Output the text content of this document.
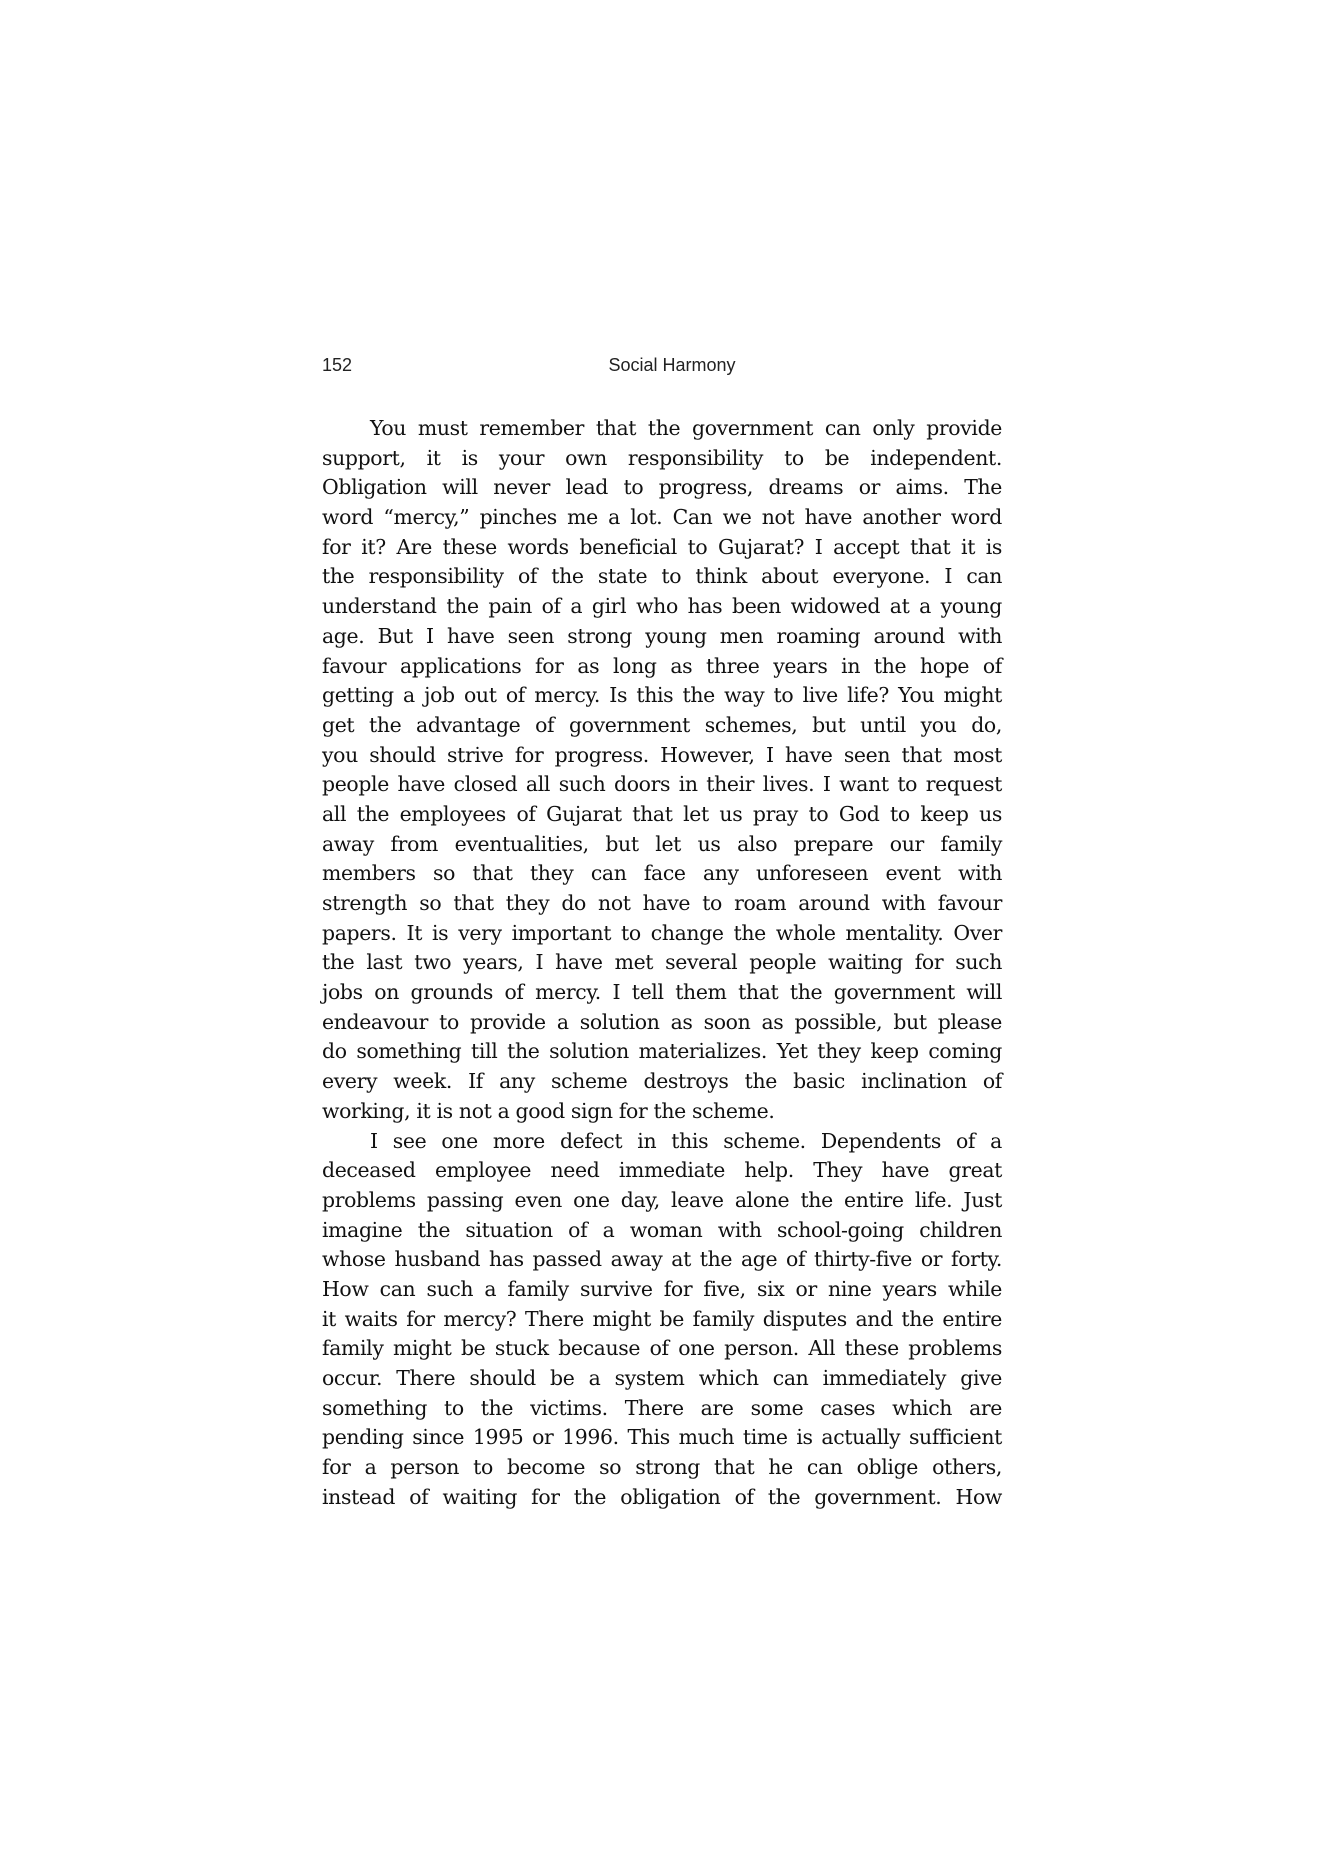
152	Social Harmony
You must remember that the government can only provide
support, it is your own responsibility to be independent.
Obligation will never lead to progress, dreams or aims. The
word “mercy,” pinches me a lot. Can we not have another word
for it? Are these words beneficial to Gujarat? I accept that it is
the responsibility of the state to think about everyone. I can
understand the pain of a girl who has been widowed at a young
age. But I have seen strong young men roaming around with
favour applications for as long as three years in the hope of
getting a job out of mercy. Is this the way to live life? You might
get the advantage of government schemes, but until you do,
you should strive for progress. However, I have seen that most
people have closed all such doors in their lives. I want to request
all the employees of Gujarat that let us pray to God to keep us
away from eventualities, but let us also prepare our family
members so that they can face any unforeseen event with
strength so that they do not have to roam around with favour
papers. It is very important to change the whole mentality. Over
the last two years, I have met several people waiting for such
jobs on grounds of mercy. I tell them that the government will
endeavour to provide a solution as soon as possible, but please
do something till the solution materializes. Yet they keep coming
every week. If any scheme destroys the basic inclination of
working, it is not a good sign for the scheme.
I see one more defect in this scheme. Dependents of a
deceased employee need immediate help. They have great
problems passing even one day, leave alone the entire life. Just
imagine the situation of a woman with school-going children
whose husband has passed away at the age of thirty-five or forty.
How can such a family survive for five, six or nine years while
it waits for mercy? There might be family disputes and the entire
family might be stuck because of one person. All these problems
occur. There should be a system which can immediately give
something to the victims. There are some cases which are
pending since 1995 or 1996. This much time is actually sufficient
for a person to become so strong that he can oblige others,
instead of waiting for the obligation of the government. How
